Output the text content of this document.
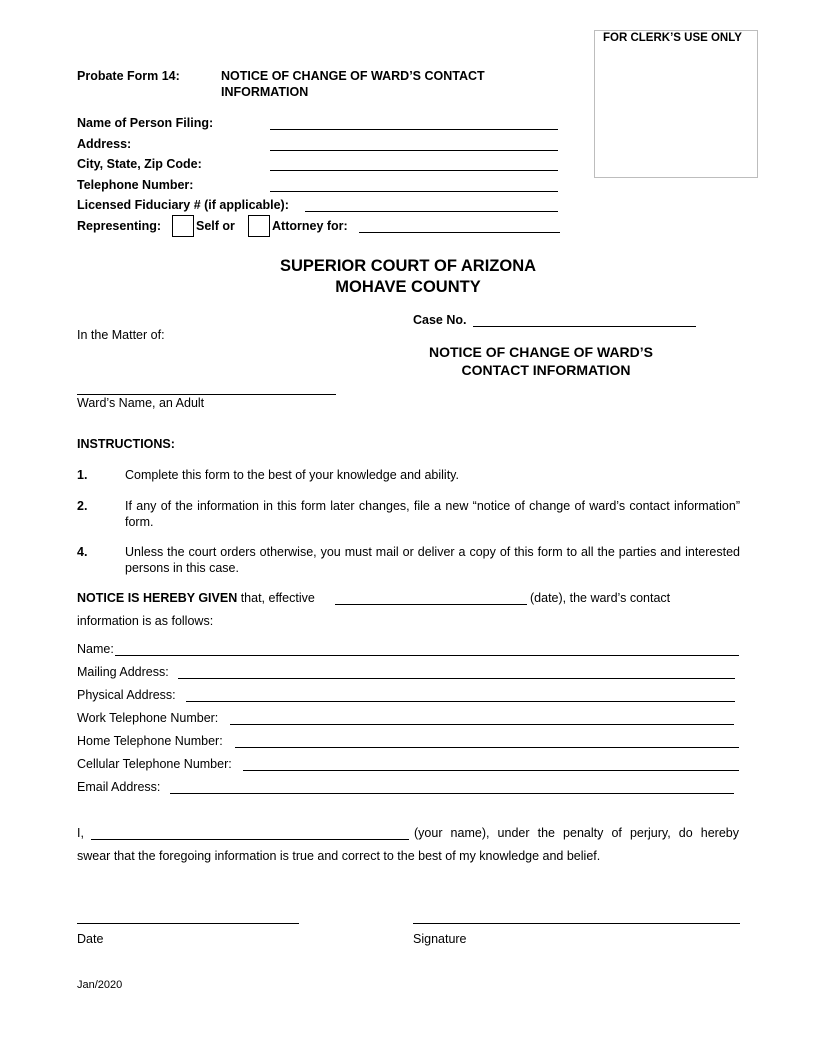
FOR CLERK’S USE ONLY
Probate Form 14:	NOTICE OF CHANGE OF WARD’S CONTACT
INFORMATION
Name of Person Filing:
Address:
City, State, Zip Code:
Telephone Number:
Licensed Fiduciary # (if applicable):
Representing:	Self or	Attorney for:
SUPERIOR COURT OF ARIZONA
MOHAVE COUNTY
Case No.
In the Matter of:
NOTICE OF CHANGE OF WARD’S
CONTACT INFORMATION
Ward’s Name, an Adult
INSTRUCTIONS:
1.	Complete this form to the best of your knowledge and ability.
2.	If any of the information in this form later changes, file a new “notice of change of ward’s contact information” form.
4.	Unless the court orders otherwise, you must mail or deliver a copy of this form to all the parties and interested persons in this case.
NOTICE IS HEREBY GIVEN that, effective	(date), the ward’s contact
information is as follows:
Name:
Mailing Address:
Physical Address:
Work Telephone Number:
Home Telephone Number:
Cellular Telephone Number:
Email Address:
I,	(your name), under the penalty of perjury, do hereby
swear that the foregoing information is true and correct to the best of my knowledge and belief.
Date	Signature
Jan/2020
